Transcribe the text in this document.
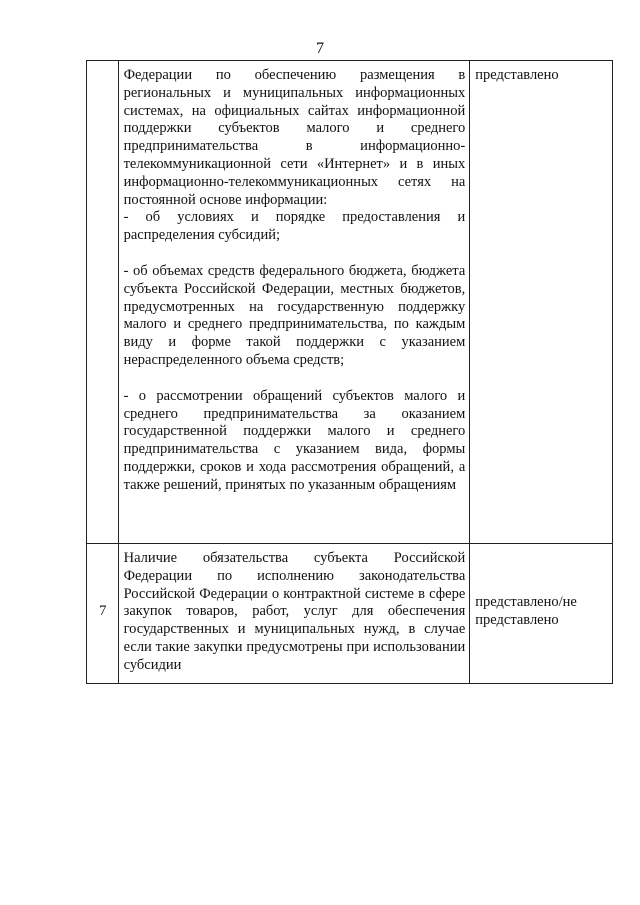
7

	Федерации по обеспечению размещения в региональных и муниципальных информационных системах, на официальных сайтах информационной поддержки субъектов малого и среднего предпринимательства в информационно-телекоммуникационной сети «Интернет» и в иных информационно-телекоммуникационных сетях на постоянной основе информации:

- об условиях и порядке предоставления и распределения субсидий;

- об объемах средств федерального бюджета, бюджета субъекта Российской Федерации, местных бюджетов, предусмотренных на государственную поддержку малого и среднего предпринимательства, по каждым виду и форме такой поддержки с указанием нераспределенного объема средств;

- о рассмотрении обращений субъектов малого и среднего предпринимательства за оказанием государственной поддержки малого и среднего предпринимательства с указанием вида, формы поддержки, сроков и хода рассмотрения обращений, а также решений, принятых по указанным обращениям	представлено
7	Наличие обязательства субъекта Российской Федерации по исполнению законодательства Российской Федерации о контрактной системе в сфере закупок товаров, работ, услуг для обеспечения государственных и муниципальных нужд, в случае если такие закупки предусмотрены при использовании субсидии	представлено/не представлено
